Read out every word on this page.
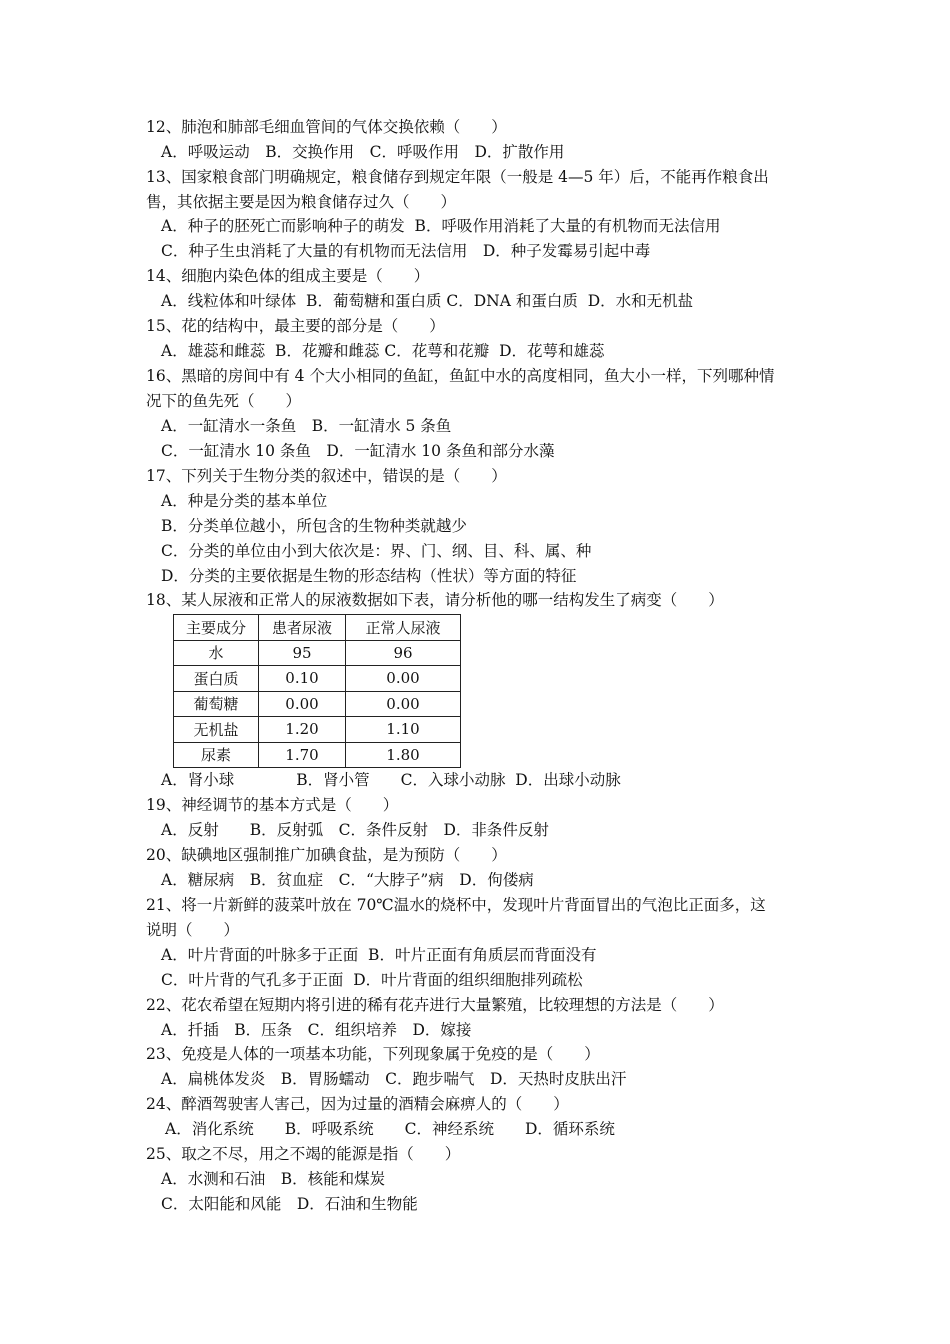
12、肺泡和肺部毛细血管间的气体交换依赖（　　）
A．呼吸运动　B．交换作用　C．呼吸作用　D．扩散作用
13、国家粮食部门明确规定，粮食储存到规定年限（一般是 4—5 年）后，不能再作粮食出
售，其依据主要是因为粮食储存过久（　　）
A．种子的胚死亡而影响种子的萌发  B．呼吸作用消耗了大量的有机物而无法信用
C．种子生虫消耗了大量的有机物而无法信用　D．种子发霉易引起中毒
14、细胞内染色体的组成主要是（　　）
A．线粒体和叶绿体  B．葡萄糖和蛋白质 C．DNA 和蛋白质  D．水和无机盐
15、花的结构中，最主要的部分是（　　）
A．雄蕊和雌蕊  B．花瓣和雌蕊 C．花萼和花瓣  D．花萼和雄蕊
16、黑暗的房间中有 4 个大小相同的鱼缸，鱼缸中水的高度相同，鱼大小一样，下列哪种情
况下的鱼先死（　　）
A．一缸清水一条鱼　B．一缸清水 5 条鱼
C．一缸清水 10 条鱼　D．一缸清水 10 条鱼和部分水藻
17、下列关于生物分类的叙述中，错误的是（　　）
A．种是分类的基本单位
B．分类单位越小，所包含的生物种类就越少
C．分类的单位由小到大依次是：界、门、纲、目、科、属、种
D．分类的主要依据是生物的形态结构（性状）等方面的特征
18、某人尿液和正常人的尿液数据如下表，请分析他的哪一结构发生了病变（　　）
主要成分	患者尿液	正常人尿液
水	95	96
蛋白质	0.10	0.00
葡萄糖	0.00	0.00
无机盐	1.20	1.10
尿素	1.70	1.80
A．肾小球　　　　B．肾小管　　C．入球小动脉  D．出球小动脉
19、神经调节的基本方式是（　　）
A．反射　　B．反射弧　C．条件反射　D．非条件反射
20、缺碘地区强制推广加碘食盐，是为预防（　　）
A．糖尿病　B．贫血症　C．“大脖子”病　D．佝偻病
21、将一片新鲜的菠菜叶放在 70℃温水的烧杯中，发现叶片背面冒出的气泡比正面多，这
说明（　　）
A．叶片背面的叶脉多于正面  B．叶片正面有角质层而背面没有
C．叶片背的气孔多于正面  D．叶片背面的组织细胞排列疏松
22、花农希望在短期内将引进的稀有花卉进行大量繁殖，比较理想的方法是（　　）
A．扦插　B．压条　C．组织培养　D．嫁接
23、免疫是人体的一项基本功能，下列现象属于免疫的是（　　）
A．扁桃体发炎　B．胃肠蠕动　C．跑步喘气　D．天热时皮肤出汗
24、醉酒驾驶害人害己，因为过量的酒精会麻痹人的（　　）
A．消化系统　　B．呼吸系统　　C．神经系统　　D．循环系统
25、取之不尽，用之不竭的能源是指（　　）
A．水测和石油　B．核能和煤炭
C．太阳能和风能　D．石油和生物能
